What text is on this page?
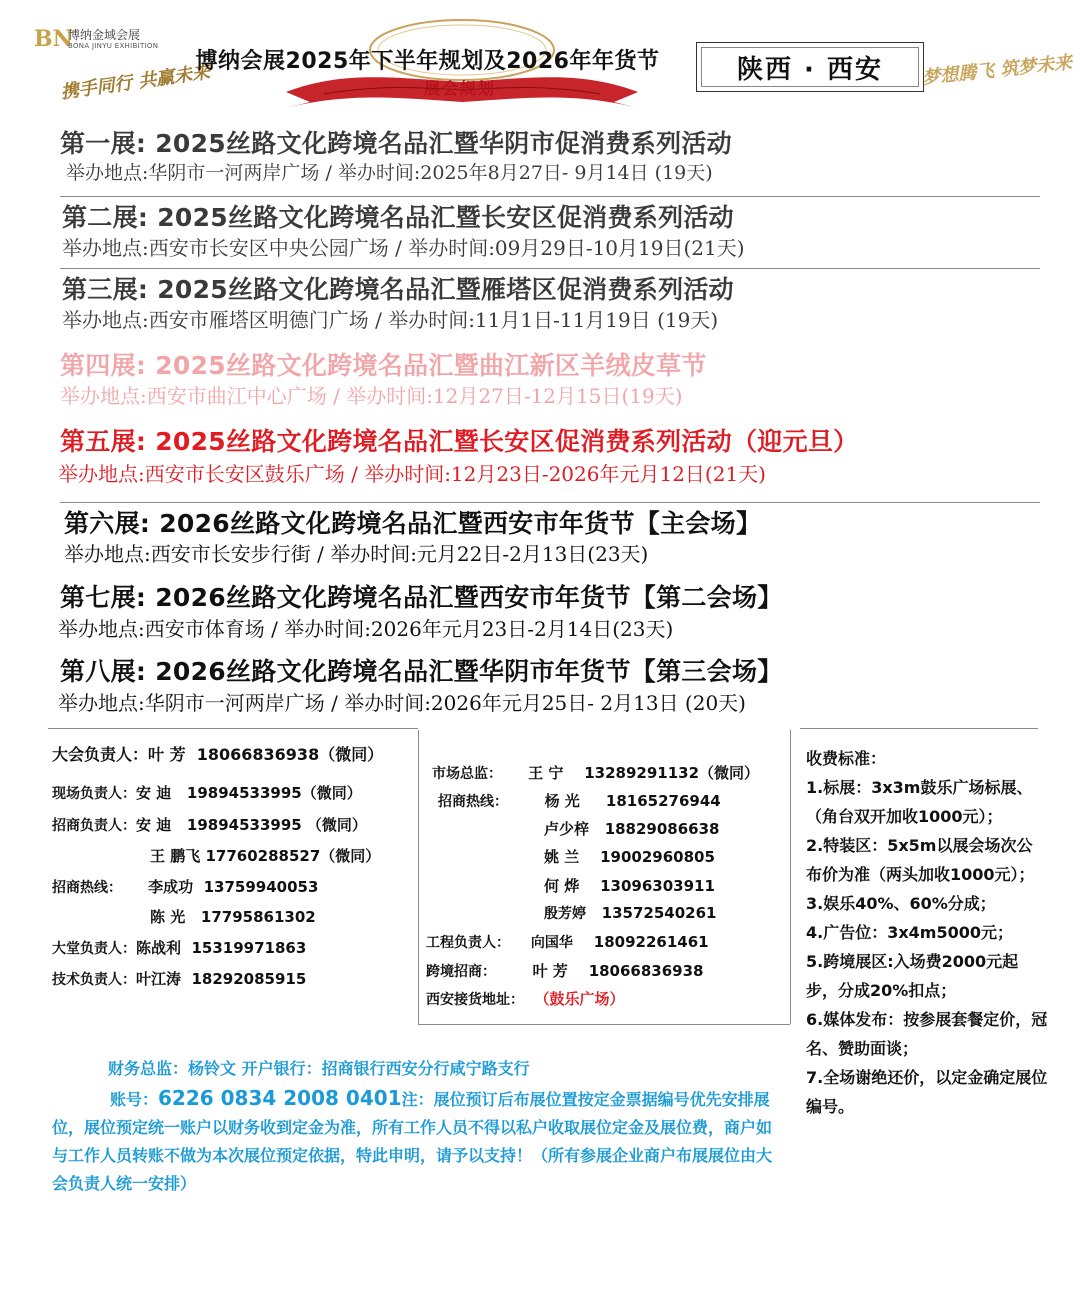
BN
博纳金域会展
BONA JINYU EXHIBITION
携手同行 共赢未来
博纳会展2025年下半年规划及2026年年货节
展会规划
陕西 · 西安	梦想腾飞 筑梦未来
第一展: 2025丝路文化跨境名品汇暨华阴市促消费系列活动
举办地点:华阴市一河两岸广场 / 举办时间:2025年8月27日- 9月14日 (19天)
第二展: 2025丝路文化跨境名品汇暨长安区促消费系列活动
举办地点:西安市长安区中央公园广场 / 举办时间:09月29日-10月19日(21天)
第三展: 2025丝路文化跨境名品汇暨雁塔区促消费系列活动
举办地点:西安市雁塔区明德门广场 / 举办时间:11月1日-11月19日 (19天)
第四展: 2025丝路文化跨境名品汇暨曲江新区羊绒皮草节
举办地点:西安市曲江中心广场 / 举办时间:12月27日-12月15日(19天)
第五展: 2025丝路文化跨境名品汇暨长安区促消费系列活动（迎元旦）
举办地点:西安市长安区鼓乐广场 / 举办时间:12月23日-2026年元月12日(21天)
第六展: 2026丝路文化跨境名品汇暨西安市年货节【主会场】
举办地点:西安市长安步行街 / 举办时间:元月22日-2月13日(23天)
第七展: 2026丝路文化跨境名品汇暨西安市年货节【第二会场】
举办地点:西安市体育场 / 举办时间:2026年元月23日-2月14日(23天)
第八展: 2026丝路文化跨境名品汇暨华阴市年货节【第三会场】
举办地点:华阴市一河两岸广场 / 举办时间:2026年元月25日- 2月13日 (20天)
大会负责人：叶 芳 18066836938（微同）
现场负责人：安 迪 19894533995（微同）
招商负责人：安 迪 19894533995 （微同）
王 鹏飞 17760288527（微同）
招商热线： 李成功 13759940053
陈 光 17795861302
大堂负责人：陈战利 15319971863
技术负责人：叶江涛 18292085915
市场总监： 王 宁 13289291132（微同）
招商热线： 杨 光 18165276944
卢少梓 18829086638
姚 兰 19002960805
何 烨 13096303911
殷芳婷 13572540261
工程负责人： 向国华 18092261461
跨境招商： 叶 芳 18066836938
西安接货地址： （鼓乐广场）
收费标准：
1.标展：3x3m鼓乐广场标展、（角台双开加收1000元）；
2.特装区：5x5m以展会场次公布价为准（两头加收1000元）；
3.娱乐40%、60%分成；
4.广告位：3x4m5000元；
5.跨境展区:入场费2000元起步，分成20%扣点；
6.媒体发布：按参展套餐定价，冠名、赞助面谈；
7.全场谢绝还价，以定金确定展位编号。
财务总监：杨铃文 开户银行：招商银行西安分行咸宁路支行
账号：6226 0834 2008 0401注：展位预订后布展位置按定金票据编号优先安排展位，展位预定统一账户以财务收到定金为准，所有工作人员不得以私户收取展位定金及展位费，商户如与工作人员转账不做为本次展位预定依据，特此申明，请予以支持！（所有参展企业商户布展展位由大会负责人统一安排）
